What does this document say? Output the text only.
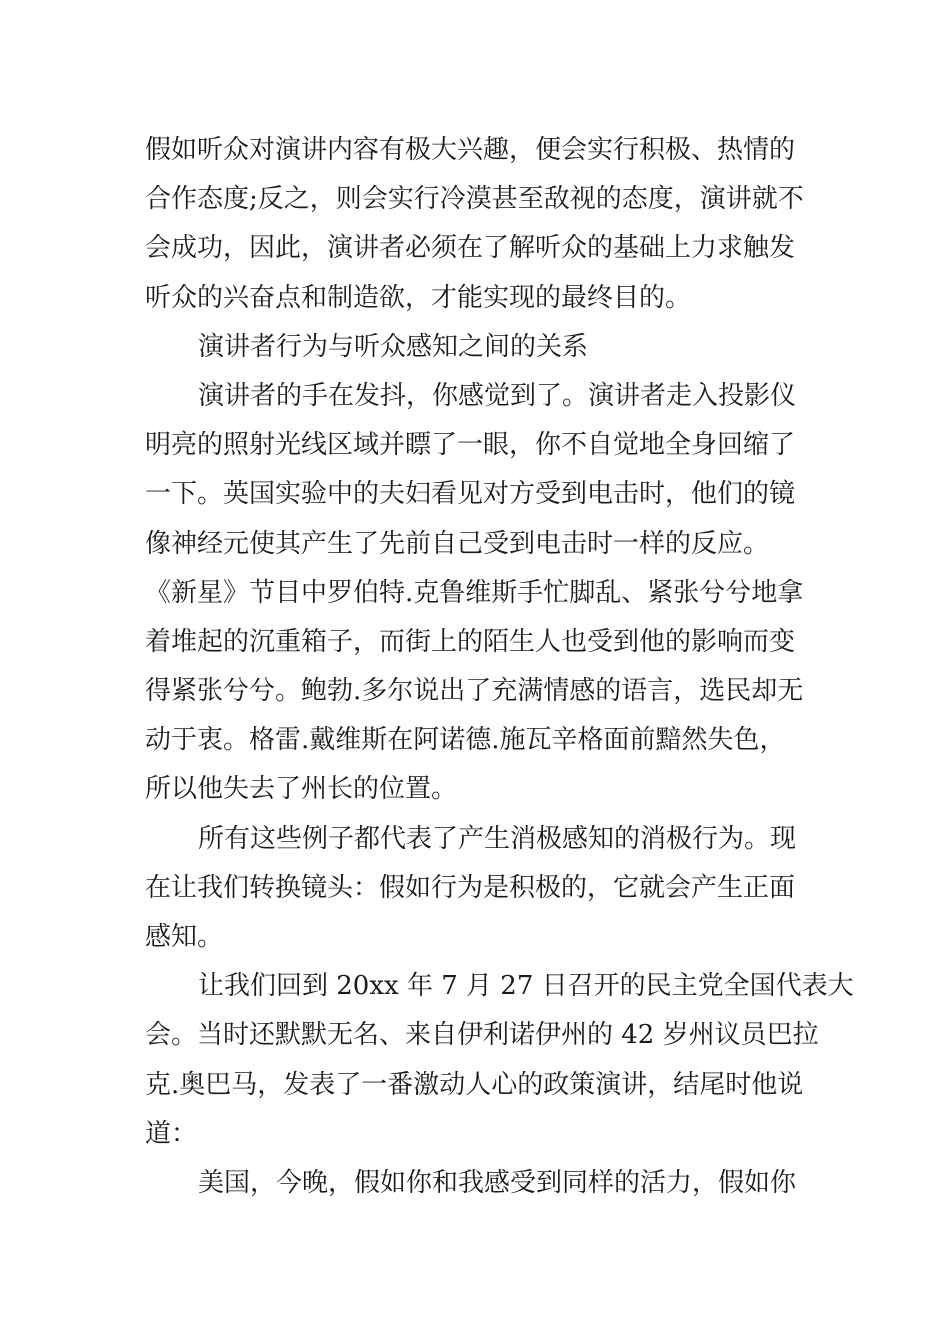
假如听众对演讲内容有极大兴趣，便会实行积极、热情的
合作态度;反之，则会实行冷漠甚至敌视的态度，演讲就不
会成功，因此，演讲者必须在了解听众的基础上力求触发
听众的兴奋点和制造欲，才能实现的最终目的。
演讲者行为与听众感知之间的关系
演讲者的手在发抖，你感觉到了。演讲者走入投影仪
明亮的照射光线区域并瞟了一眼，你不自觉地全身回缩了
一下。英国实验中的夫妇看见对方受到电击时，他们的镜
像神经元使其产生了先前自己受到电击时一样的反应。
《新星》节目中罗伯特.克鲁维斯手忙脚乱、紧张兮兮地拿
着堆起的沉重箱子，而街上的陌生人也受到他的影响而变
得紧张兮兮。鲍勃.多尔说出了充满情感的语言，选民却无
动于衷。格雷.戴维斯在阿诺德.施瓦辛格面前黯然失色，
所以他失去了州长的位置。
所有这些例子都代表了产生消极感知的消极行为。现
在让我们转换镜头：假如行为是积极的，它就会产生正面
感知。
让我们回到 20xx 年 7 月 27 日召开的民主党全国代表大
会。当时还默默无名、来自伊利诺伊州的 42 岁州议员巴拉
克.奥巴马，发表了一番激动人心的政策演讲，结尾时他说
道：
美国，今晚，假如你和我感受到同样的活力，假如你
